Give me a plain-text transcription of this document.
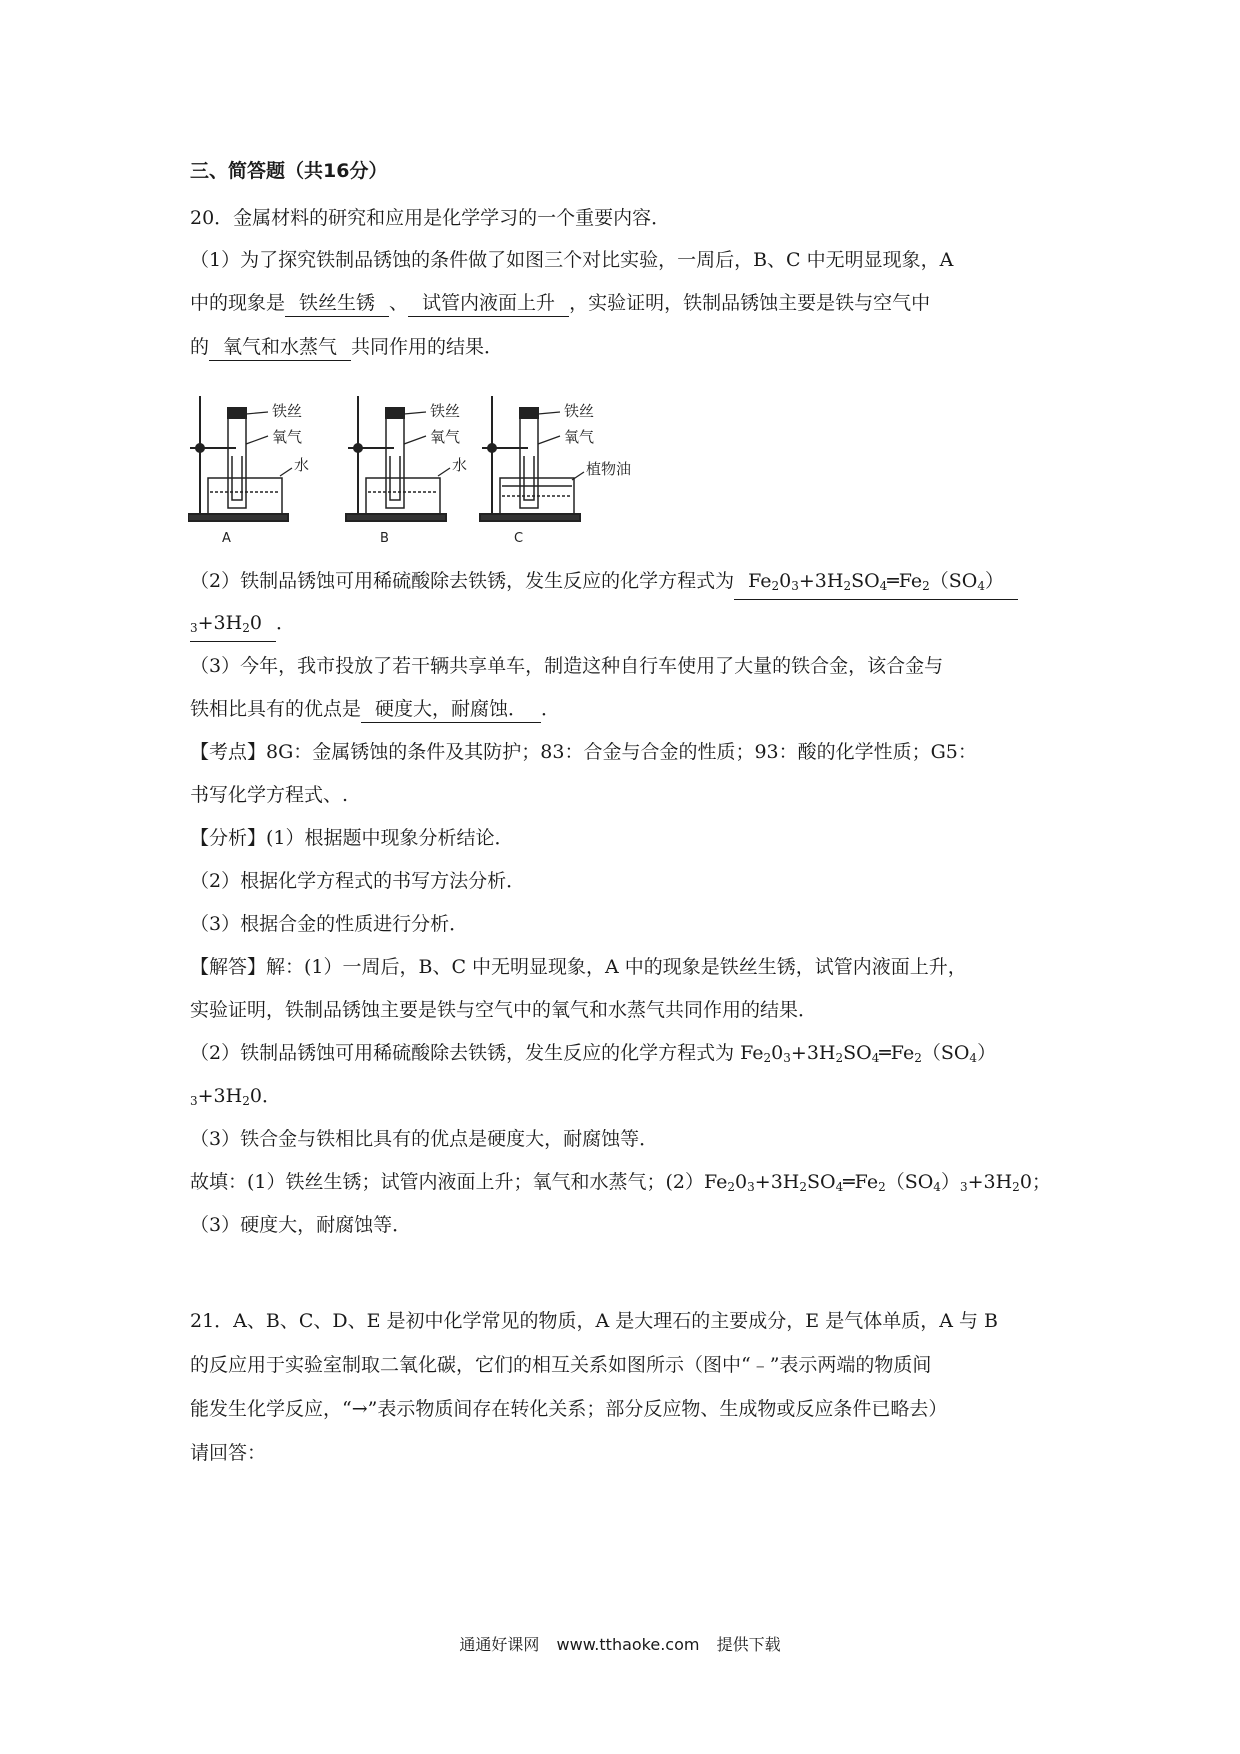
三、简答题（共16分）
20．金属材料的研究和应用是化学学习的一个重要内容．
（1）为了探究铁制品锈蚀的条件做了如图三个对比实验，一周后，B、C 中无明显现象，A
中的现象是 铁丝生锈 、 试管内液面上升 ，实验证明，铁制品锈蚀主要是铁与空气中
的 氧气和水蒸气 共同作用的结果．
铁丝
氧气
水
A
铁丝
氧气
水
B
铁丝
氧气
植物油
C
（2）铁制品锈蚀可用稀硫酸除去铁锈，发生反应的化学方程式为 $Fe_20_3+3H_2SO_4═Fe_2(SO_4)$
$_3+3H_20$ ．
（3）今年，我市投放了若干辆共享单车，制造这种自行车使用了大量的铁合金，该合金与
铁相比具有的优点是 硬度大，耐腐蚀． ．
【考点】8G：金属锈蚀的条件及其防护；83：合金与合金的性质；93：酸的化学性质；G5：
书写化学方程式、.
【分析】(1）根据题中现象分析结论．
（2）根据化学方程式的书写方法分析．
（3）根据合金的性质进行分析．
【解答】解：(1）一周后，B、C 中无明显现象，A 中的现象是铁丝生锈，试管内液面上升，
实验证明，铁制品锈蚀主要是铁与空气中的氧气和水蒸气共同作用的结果．
（2）铁制品锈蚀可用稀硫酸除去铁锈，发生反应的化学方程式为 $Fe_20_3+3H_2SO_4═Fe_2(SO_4)$
$_3+3H_20$．
（3）铁合金与铁相比具有的优点是硬度大，耐腐蚀等．
故填：(1）铁丝生锈；试管内液面上升；氧气和水蒸气；$(2)Fe_20_3+3H_2SO_4═Fe_2(SO_4)_3+3H_20$；
（3）硬度大，耐腐蚀等．
21．A、B、C、D、E 是初中化学常见的物质，A 是大理石的主要成分，E 是气体单质，A 与 B
的反应用于实验室制取二氧化碳，它们的相互关系如图所示（图中“﹣”表示两端的物质间
能发生化学反应，“→”表示物质间存在转化关系；部分反应物、生成物或反应条件已略去）
请回答：
通通好课网 www.tthaoke.com 提供下载
